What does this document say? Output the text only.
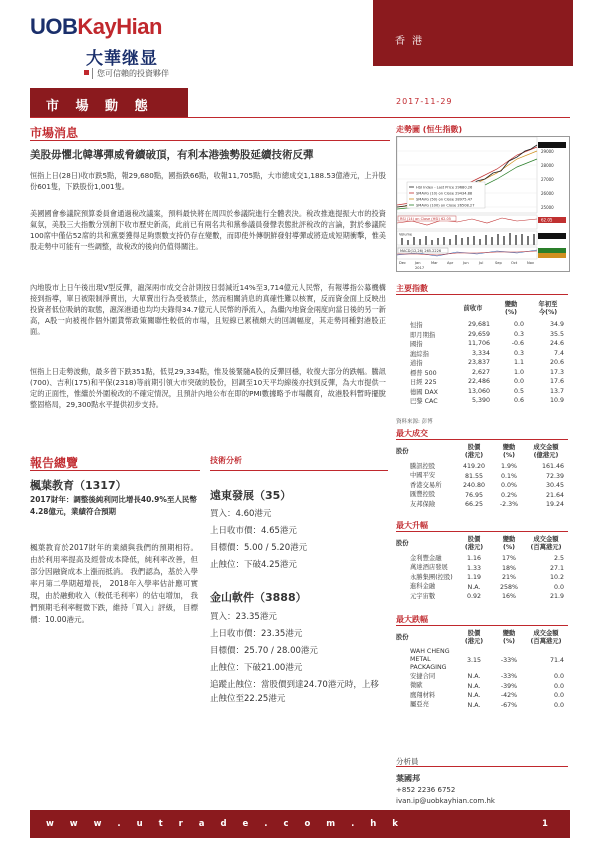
UOBKayHian
大華继显
您可信賴的投資夥伴
香 港
市 場 動 態	2017-11-29
市場消息
美股毋懼北韓導彈威脅續破頂，有利本港強勢股延續技術反彈
恒指上日(28日)收市跌5點，報29,680點，國指跌66點，收報11,705點，大市總成交1,188.53億港元，上升股份601隻，下跌股份1,001隻。
美國國會參議院預算委員會通過稅改議案，預料最快將在周四於參議院進行全體表決。稅改推進提振大市的投資氣氛，美股三大指數分別創下收市歷史新高，此前已有兩名共和黨參議員發聲表態批評稅改的言論，對於參議院100席中僅佔52席的共和黨要獲得足夠票數支持仍存在變數，而即使外傳朝鮮發射導彈或將造成短期衝擊，惟美股走勢中可能有一些調整，故稅改的後向仍值得關注。
內地股市上日午後出現V型反彈，滬深兩市成交合計則按日弱減近14%至3,714億元人民幣，有報導指公募機構接到指導，單日被限制淨賣出，大單賣出行為受被禁止，然而相關消息的真確性難以核實，反而資金面上反映出投資者低位吸納的取態，滬深港通也均均夫錄得34.7億元人民幣的淨流入，為繼內地資金兩度向當日後的另一新高，A股一向被視作個外圍貨幣政策關聯性較低的市場，且短線已累積頗大的回調幅度，其走勢同種對港股正面。
恒指上日走勢波動，最多曾下跌351點，低見29,334點，惟及後緊隨A股的反彈回穩，收復大部分的跌幅。騰訊(700)、吉利(175)和平保(2318)等前期引領大市突破的股份，回調至10天平均線後亦找到反彈，為大市提供一定的正面性，惟繼於外圍稅改的不確定情況，且預計內地公布在即的PMI數據略予市場觀育，故港股料暫時擺脫整固格局，29,300點水平提供初步支持。
走勢圖 (恒生指數)
HSI Index - Last Price 29680.26
SMAVG (10) on Close 29434.88
SMAVG (50) on Close 28975.47
SMAVG (100) on Close 26508.27
29000
28000
27000
26000
25000
RSI (14) on Close (HSI) 62.05	62.05
Volume
MACD(12,26) 265.2226
Dec	Jan	Mar	Apr	Jun	Jul	Sep	Oct	Nov
2017
主要指數
	前收市	變動
(%)	年初至
今(%)
恒指	29,681	0.0	34.9
即月期指	29,659	0.3	35.5
國指	11,706	-0.6	24.6
滬綜指	3,334	0.3	7.4
道指	23,837	1.1	20.6
標普 500	2,627	1.0	17.3
日經 225	22,486	0.0	17.6
德國 DAX	13,060	0.5	13.7
巴黎 CAC	5,390	0.6	10.9
資料來源: 彭博
最大成交
股份	股價
(港元)	變動
(%)	成交金額
(億港元)
騰訊控股	419.20	1.9%	161.46
中國平安	81.55	0.1%	72.39
香港交易所	240.80	0.0%	30.45
匯豐控股	76.95	0.2%	21.64
友邦保險	66.25	-2.3%	19.24
最大升幅
股份	股價
(港元)	變動
(%)	成交金額
(百萬港元)
金利豐金融	1.16	17%	2.5
萬達酒店發展	1.33	18%	27.1
永勝集團(控股)	1.19	21%	10.2
進科金融	N.A.	258%	0.0
元宇宙數	0.92	16%	21.9
最大跌幅
股份	股價
(港元)	變動
(%)	成交金額
(百萬港元)
WAH CHENG METAL PACKAGING	3.15	-33%	71.4
安捷合同	N.A.	-33%	0.0
微歐	N.A.	-39%	0.0
鷹翔材料	N.A.	-42%	0.0
屬亞亮	N.A.	-67%	0.0
報告總覽
楓葉教育（1317）
2017財年：調整後純利同比增長40.9%至人民幣4.28億元，業績符合預期
楓葉教育於2017財年的業績與我們的預期相符。 由於利用率提高及經營成本降低，純利率改善，但部分因融資成本上漲而抵消。 我們認為，基於入學率月第二學期超增長， 2018年入學率估計應可實現，由於融動收入（較低毛利率）的估屯增加， 我們預期毛利率輕微下跌，維持「買入」評級， 目標價：10.00港元。
技術分析
遠東發展（35）
買入：4.60港元
上日收市價：4.65港元
目標價：5.00 / 5.20港元
止蝕位：下破4.25港元
金山軟件（3888）
買入：23.35港元
上日收市價：23.35港元
目標價：25.70 / 28.00港元
止蝕位：下破21.00港元
追蹤止蝕位：當股價到達24.70港元時，上移止蝕位至22.25港元
分析員
葉國邦
+852 2236 6752
ivan.ip@uobkayhian.com.hk
w w w . u t r a d e . c o m . h k	1
